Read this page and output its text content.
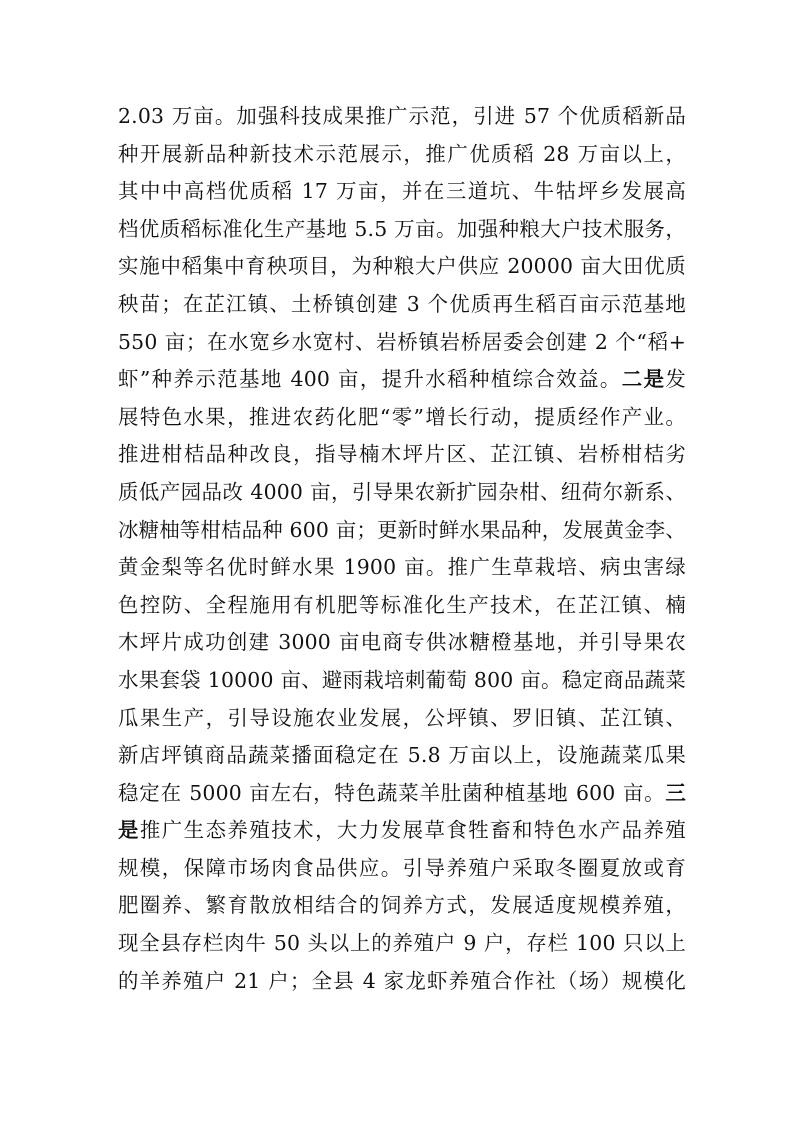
2.03 万亩。加强科技成果推广示范，引进 57 个优质稻新品
种开展新品种新技术示范展示，推广优质稻 28 万亩以上，
其中中高档优质稻 17 万亩，并在三道坑、牛牯坪乡发展高
档优质稻标准化生产基地 5.5 万亩。加强种粮大户技术服务，
实施中稻集中育秧项目，为种粮大户供应 20000 亩大田优质
秧苗；在芷江镇、土桥镇创建 3 个优质再生稻百亩示范基地
550 亩；在水宽乡水宽村、岩桥镇岩桥居委会创建 2 个“稻+
虾”种养示范基地 400 亩，提升水稻种植综合效益。二是发
展特色水果，推进农药化肥“零”增长行动，提质经作产业。
推进柑桔品种改良，指导楠木坪片区、芷江镇、岩桥柑桔劣
质低产园品改 4000 亩，引导果农新扩园杂柑、纽荷尔新系、
冰糖柚等柑桔品种 600 亩；更新时鲜水果品种，发展黄金李、
黄金梨等名优时鲜水果 1900 亩。推广生草栽培、病虫害绿
色控防、全程施用有机肥等标准化生产技术，在芷江镇、楠
木坪片成功创建 3000 亩电商专供冰糖橙基地，并引导果农
水果套袋 10000 亩、避雨栽培刺葡萄 800 亩。稳定商品蔬菜
瓜果生产，引导设施农业发展，公坪镇、罗旧镇、芷江镇、
新店坪镇商品蔬菜播面稳定在 5.8 万亩以上，设施蔬菜瓜果
稳定在 5000 亩左右，特色蔬菜羊肚菌种植基地 600 亩。三
是推广生态养殖技术，大力发展草食牲畜和特色水产品养殖
规模，保障市场肉食品供应。引导养殖户采取冬圈夏放或育
肥圈养、繁育散放相结合的饲养方式，发展适度规模养殖，
现全县存栏肉牛 50 头以上的养殖户 9 户，存栏 100 只以上
的羊养殖户 21 户；全县 4 家龙虾养殖合作社（场）规模化
